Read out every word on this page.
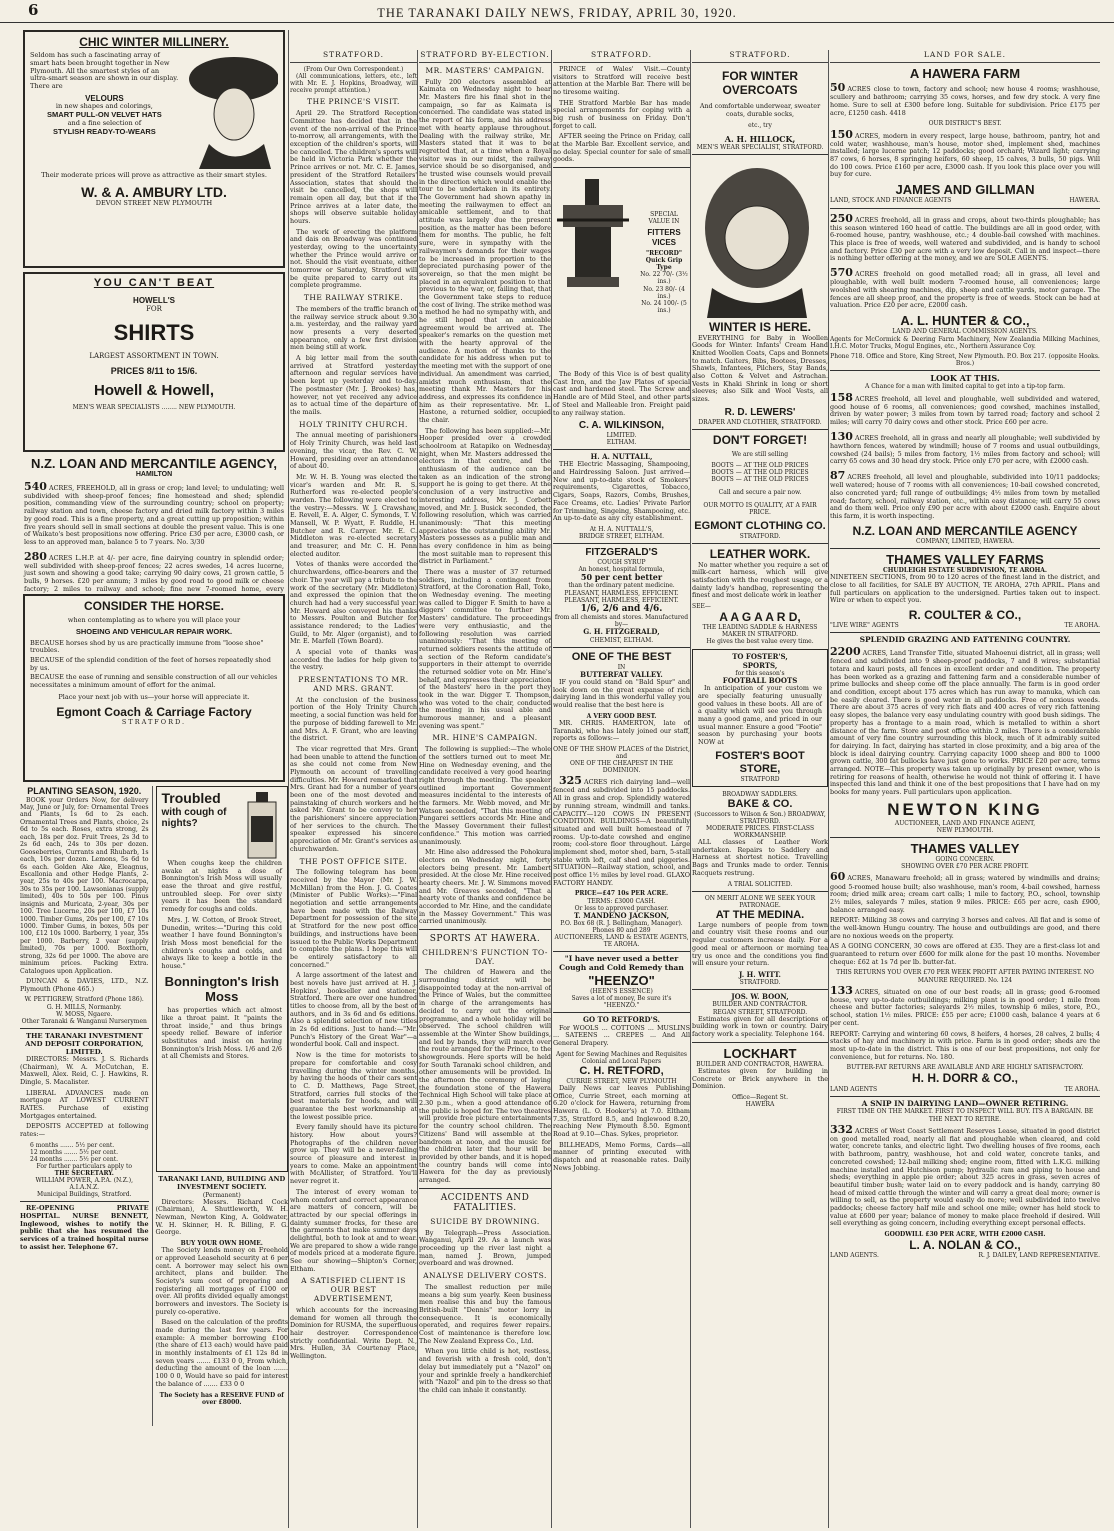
6	THE TARANAKI DAILY NEWS, FRIDAY, APRIL 30, 1920.
CHIC WINTER MILLINERY.
Seldom has such a fascinating array of smart hats been brought together in New Plymouth. All the smartest styles of an ultra-smart season are shown in our display. There are
VELOURS
in new shapes and colorings,
SMART PULL-ON VELVET HATS
and a fine selection of
STYLISH READY-TO-WEARS
Their moderate prices will prove as attractive as their smart styles.
W. & A. AMBURY LTD.
DEVON STREET NEW PLYMOUTH
YOU CAN'T BEAT
HOWELL'S
FOR
SHIRTS
LARGEST ASSORTMENT IN TOWN.
PRICES 8/11 to 15/6.
Howell & Howell,
MEN'S WEAR SPECIALISTS ........ NEW PLYMOUTH.
N.Z. LOAN AND MERCANTILE AGENCY,
HAMILTON

540 ACRES, FREEHOLD, all in grass or crop; land level; to undulating; well subdivided with sheep-proof fences; fine homestead and shed; splendid position, commanding view of the surrounding country; school on property; railway station and town, cheese factory and dried milk factory within 3 miles by good road. This is a fine property, and a great cutting up proposition; within five years should sell in small sections at double the present value. This is one of Waikato's best propositions now offering. Price £30 per acre, £3000 cash, or less to an approved man, balance 5 to 7 years. No. 3/30

280 ACRES L.H.P. at 4/- per acre, fine dairying country in splendid order; well subdivided with sheep-proof fences; 22 acres swedes, 14 acres lucerne, just sown and showing a good take; carrying 90 dairy cows, 21 grown cattle, 5 bulls, 9 horses. £20 per annum; 3 miles by good road to good milk or cheese factory; 2 miles to railway and school; fine new 7-roomed home, every

CONSIDER THE HORSE.
when contemplating as to where you will place your
SHOEING AND VEHICULAR REPAIR WORK.
BECAUSE horses shod by us are practically immune from "loose shoe" troubles.
BECAUSE of the splendid condition of the feet of horses repeatedly shod by us.
BECAUSE the ease of running and sensible construction of all our vehicles necessitates a minimum amount of effort for the animal.
Place your next job with us—your horse will appreciate it.
Egmont Coach & Carriage Factory
STRATFORD.
PLANTING SEASON, 1920.

BOOK your Orders Now, for delivery May, June or July, for: Ornamental Trees and Plants, 1s 6d to 2s each. Ornamental Trees and Plants, choice, 2s 6d to 5s each. Roses, extra strong, 2s each, 18s per doz. Fruit Trees, 2s 3d to 2s 6d each, 24s to 30s per dozen. Gooseberries, Currants and Rhubarb, 1s each, 10s per dozen. Lemons, 5s 6d to 6s each. Golden Ake Ake, Eleagnus, Escallonia and other Hedge Plants, 2-year, 25s to 40s per 100. Macrocarpa, 30s to 35s per 100. Lawsonianas (supply limited), 40s to 50s per 100. Pinus insignis and Muricata, 2-year, 30s per 100. Tree Lucerne, 20s per 100, £7 10s 1000. Timber Gums, 20s per 100, £7 10s 1000. Timber Gums, in boxes, 50s per 100, £12 10s 1000. Barberry, 1 year, 35s per 1000. Barberry, 2 year (supply limited), 70s per 1000. Boxthorn, strong, 32s 6d per 1000. The above are minimum prices. Packing Extra. Catalogues upon Application.

DUNCAN & DAVIES, LTD., N.Z. Plymouth (Phone 465.)

W. PETTIGREW, Stratford (Phone 186).
G. H. MILLS, Normanby.
W. MOSS, Ngaere.
Other Taranaki & Wanganui Nurserymen
THE TARANAKI INVESTMENT AND DEPOSIT CORPORATION, LIMITED.

DIRECTORS: Messrs. J. S. Richards (Chairman), W. A. McCutchan, E. Maxwell, Alex. Reid, C. J. Hawkins, R. Dingle, S. Macalister.

LIBERAL ADVANCES made on mortgage AT LOWEST CURRENT RATES. Purchase of existing Mortgages entertained.

DEPOSITS ACCEPTED at following rates:—

6 months ....... 5½ per cent.
12 months ....... 5½ per cent.
24 months ....... 5½ per cent.
For further particulars apply to
THE SECRETARY.
WILLIAM POWER, A.P.A. (N.Z.), A.I.A.N.Z.
Municipal Buildings, Stratford.

RE-OPENING PRIVATE HOSPITAL. NURSE BENNETT, Inglewood, wishes to notify the public that she has resumed the services of a trained hospital nurse to assist her. Telephone 67.

Troubled
with cough of nights?

When coughs keep the children awake at nights a dose of Bonnington's Irish Moss will usually ease the throat and give restful, untroubled sleep. For over sixty years it has been the standard remedy for coughs and colds.

Mrs. J. W. Cotton, of Brook Street, Dunedin, writes:—"During this cold weather I have found Bonnington's Irish Moss most beneficial for the children's coughs and colds, and always like to keep a bottle in the house."

Bonnington's Irish Moss

has properties which act almost like a throat paint. It "paints the throat inside," and thus brings speedy relief. Beware of inferior substitutes and insist on having Bonnington's Irish Moss. 1/6 and 2/6 at all Chemists and Stores.

TARANAKI LAND, BUILDING AND INVESTMENT SOCIETY.
(Permanent)

Directors: Messrs. Richard Cock (Chairman), A. Shuttleworth, W. H. Newman, Newton King, A. Goldwater, W. H. Skinner, H. R. Billing, F. G. George.

BUY YOUR OWN HOME.

The Society lends money on Freehold or approved Leasehold security at 6 per cent. A borrower may select his own architect, plans and builder. The Society's sum cost of preparing and registering all mortgages of £100 or over. All profits divided equally amongst borrowers and investors. The Society is purely co-operative.

Based on the calculation of the profits made during the last few years. For example: A member borrowing £100 (the share of £13 each) would have paid in monthly instalments of £1 12s 8d in seven years ....... £133 0 0, From which, deducting the amount of the loan ....... 100 0 0, Would have so paid for interest the balance of ....... £33 0 0

The Society has a RESERVE FUND of over £8000.
STRATFORD.
(From Our Own Correspondent.)

(All communications, letters, etc., left with Mr. E. J. Hopkins, Broadway, will receive prompt attention.)

THE PRINCE'S VISIT.

April 29. The Stratford Reception Committee has decided that in the event of the non-arrival of the Prince to-morrow, all arrangements, with the exception of the children's sports, will be cancelled. The children's sports will be held in Victoria Park whether the Prince arrives or not. Mr. C. E. James, president of the Stratford Retailers' Association, states that should the visit be cancelled, the shops will remain open all day, but that if the Prince arrives at a later date, the shops will observe suitable holiday hours.

The work of erecting the platform and dais on Broadway was continued yesterday, owing to the uncertainty whether the Prince would arrive or not. Should the visit eventuate, either tomorrow or Saturday, Stratford will be quite prepared to carry out its complete programme.

THE RAILWAY STRIKE.

The members of the traffic branch of the railway service struck about 9.30 a.m. yesterday, and the railway yard now presents a very deserted appearance, only a few first division men being still at work.

A big letter mail from the south arrived at Stratford yesterday afternoon and regular services have been kept up yesterday and to-day. The postmaster (Mr. J. Brookes) has, however, not yet received any advice as to actual time of the departure of the mails.

HOLY TRINITY CHURCH.

The annual meeting of parishioners of Holy Trinity Church, was held last evening, the vicar, the Rev. C. W. Howard, presiding over an attendance of about 40.

Mr. W. H. B. Young was elected the vicar's warden and Mr. R. S. Rutherford was re-elected people's warden. The following were elected to the vestry:—Messrs. W. J. Crawshaw, E. Revell, E. A. Alger, C. Symonds, T. V. Mansell, W. P. Wyatt, F. Ruddle, H. Butcher and R. Carryer. Mr. E. C. Middleton was re-elected secretary and treasurer, and Mr. C. H. Penn elected auditor.

Votes of thanks were accorded the churchwardens, office-bearers and the choir. The year will pay a tribute to the work of the secretary (Mr. Middleton) and expressed the opinion that the church had had a very successful year. Mr. Howard also conveyed his thanks to Messrs. Poulton and Butcher for assistance rendered; to the Ladies' Guild, to Mr. Alger (organist), and to Mr. E. Marfell (Town Board).

A special vote of thanks was accorded the ladies for help given to the vestry.

PRESENTATIONS TO MR. AND MRS. GRANT.

At the conclusion of the business portion of the Holy Trinity Church meeting, a social function was held for the purpose of bidding farewell to Mr. and Mrs. A. F. Grant, who are leaving the district.

The vicar regretted that Mrs. Grant had been unable to attend the function as she could not come from New Plymouth on account of travelling difficulties. Mr. Howard remarked that Mrs. Grant had for a number of years been one of the most devoted and painstaking of church workers and he asked Mr. Grant to be convey to her the parishioners' sincere appreciation of her services to the church. The speaker expressed his sincere appreciation of Mr. Grant's services as churchwarden.

THE POST OFFICE SITE.

The following telegram has been received by the Mayor (Mr. J. W. McMillan) from the Hon. J. G. Coates (Minister of Public Works):—"Final negotiation and settle arrangements have been made with the Railway Department for possession of the site at Stratford for the new post office buildings, and instructions have been issued to the Public Works Department to complete the plans. I hope this will be entirely satisfactory to all concerned."

A large assortment of the latest and best novels have just arrived at H. J. Hopkins', bookseller and stationer, Stratford. There are over one hundred titles to choose from, all by the best of authors, and in 3s 6d and 6s editions. Also a splendid selection of new titles in 2s 6d editions. Just to hand:—"Mr. Punch's History of the Great War"—a wonderful book. Call and inspect.

Now is the time for motorists to prepare for comfortable and cosy travelling during the winter months, by having the hoods of their cars sent to C. D. Matthews, Page Street, Stratford, carries full stocks of the best materials for hoods, and will guarantee the best workmanship at the lowest possible price.

Every family should have its picture history. How about yours? Photographs of the children never grow up. They will be a never-failing source of pleasure and interest in years to come. Make an appointment with McAllister, of Stratford. You'll never regret it.

The interest of every woman to whom comfort and correct appearance are matters of concern, will be attracted by our special offerings in dainty summer frocks, for these are the garments that make summer days delightful, both to look at and to wear. We are prepared to show a wide range of models priced at a moderate figure. See our showing—Shipton's Corner, Eltham.

A SATISFIED CLIENT IS OUR BEST ADVERTISEMENT,

which accounts for the increasing demand for women all through the Dominion for RUSMA, the superfluous hair destroyer. Correspondence strictly confidential. Write Dept. N., Mrs. Hullen, 3A Courtenay Place, Wellington.

STRATFORD BY-ELECTION.
MR. MASTERS' CAMPAIGN.

Fully 200 electors assembled at Kaimata on Wednesday night to hear Mr. Masters fire his final shot in the campaign, so far as Kaimata is concerned. The candidate was stated in the report of his form, and his address met with hearty applause throughout. Dealing with the railway strike, Mr. Masters stated that it was to be regretted that, at a time when a Royal visitor was in our midst, the railway service should be so disorganised, and he trusted wise counsels would prevail in the direction which would enable the tour to be undertaken in its entirety. The Government had shown apathy in meeting the railwaymen to effect an amicable settlement, and to that attitude was largely due the present position, as the matter has been before them for months. The public, he felt sure, were in sympathy with the railwaymen's demands for their wages to be increased in proportion to the depreciated purchasing power of the sovereign, so that the men might be placed in an equivalent position to that previous to the war, or, failing that, that the Government take steps to reduce the cost of living. The strike method was a method he had no sympathy with, and he still hoped that an amicable agreement would be arrived at. The speaker's remarks on the question met with the hearty approval of the audience. A motion of thanks to the candidate for his address when put to the meeting met with the support of one individual. An amendment was carried, amidst much enthusiasm, that the meeting thank Mr. Masters for his address, and expresses its confidence in him as their representative. Mr. L. Hastone, a returned soldier, occupied the chair.

The following has been supplied:—Mr. Hooper presided over a crowded schoolroom at Ratapiko on Wednesday night, when Mr. Masters addressed the electors in that centre, and the enthusiasm of the audience can be taken as an indication of the strong support he is going to get there. At the conclusion of a very instructive and interesting address, Mr. J. Corbett moved, and Mr. J. Busick seconded, the following resolution, which was carried unanimously: "That this meeting appreciates the outstanding ability Mr. Masters possesses as a public man and has every confidence in him as being the most suitable man to represent this district in Parliament."

There was a muster of 37 returned soldiers, including a contingent from Stratford, at the Coronation Hall, Toko, on Wednesday evening. The meeting was called to Digger F. Smith to have a diggers' committee to further Mr. Masters' candidature. The proceedings were very enthusiastic, and the following resolution was carried unanimously: "That this meeting of returned soldiers resents the attitude of a section of the Reform candidate's supporters in their attempt to override the returned soldier vote on Mr. Hine's behalf, and expresses their appreciation of the Masters' hero in the port they took in the war. Digger T. Thompson, who was voted to the chair, conducted the meeting in his usual able and humorous manner, and a pleasant evening was spent."

MR. HINE'S CAMPAIGN.

The following is supplied:—The whole of the settlers turned out to meet Mr. Hine on Wednesday evening, and the candidate received a very good hearing right through the meeting. The speaker outlined important Government measures incidental to the interests of the farmers. Mr. Webb moved, and Mr. Watson seconded, "That this meeting of Pungarei settlers accords Mr. Hine and the Massey Government their fullest confidence." This motion was carried unanimously.

Mr. Hine also addressed the Pohokura electors on Wednesday night, forty electors being present. Mr. Lambert presided. At the close Mr. Hine received hearty cheers. Mr. J. W. Simmons moved and Mr. Greaves seconded, "That a hearty vote of thanks and confidence be accorded to Mr. Hine, and the candidate in the Massey Government." This was carried unanimously.

SPORTS AT HAWERA.
CHILDREN'S FUNCTION TO-DAY.

The children of Hawera and the surrounding district will be disappointed today at the non-arrival of the Prince of Wales, but the committee in charge of the arrangements has decided to carry out the original programme, and a whole holiday will be observed. The school children will assemble at the Winter Show buildings, and led by bands, they will march over the route arranged for the Prince, to the showgrounds. Here sports will be held for South Taranaki school children, and other amusements will be provided. In the afternoon the ceremony of laying the foundation stone of the Hawera Technical High School will take place at 2.30 p.m., when a good attendance of the public is hoped for. The two theatres will provide free picture entertainments for the country school children. The Citizens' Band will assemble at the bandroom at noon, and the music for the children later that hour will be provided by other bands, and it is hoped the country bands will come into Hawera for the day as previously arranged.

ACCIDENTS AND FATALITIES.
SUICIDE BY DROWNING.

By Telegraph—Press Association. Wanganui, April 29. As a launch was proceeding up the river last night a man, named J. Brown, jumped overboard and was drowned.

ANALYSE DELIVERY COSTS.

The smallest reduction per mile means a big sum yearly. Keen business men realise this and buy the famous British-built "Dennis" motor lorry in consequence. It is economically operated, and requires fewer repairs. Cost of maintenance is therefore low. The New Zealand Express Co., Ltd.

When you little child is hot, restless, and feverish with a fresh cold, don't delay but immediately put a "Nazol" on your and sprinkle freely a handkerchief with "Nazol" and pin to the dress so that the child can inhale it constantly.

STRATFORD.

PRINCE of Wales' Visit.—County visitors to Stratford will receive best attention at the Marble Bar. There will be no tiresome waiting.

THE Stratford Marble Bar has made special arrangements for coping with a big rush of business on Friday. Don't forget to call.

AFTER seeing the Prince on Friday, call at the Marble Bar. Excellent service, and no delay. Special counter for sale of small goods.

SPECIAL VALUE IN
FITTERS VICES
"RECORD" Quick Grip Type
No. 22 70/- (3½ ins.)
No. 23 80/- (4 ins.)
No. 24 100/- (5 ins.)

The Body of this Vice is of best quality Cast Iron, and the Jaw Plates of special cast and hardened steel. The Screw and Handle are of Mild Steel, and other parts of Steel and Malleable Iron. Freight paid to any railway station.

C. A. WILKINSON,
LIMITED.
ELTHAM.
H. A. NUTTALL,

THE Electric Massaging, Shampooing, and Hairdressing Saloon. Just arrived—New and up-to-date stock of Smokers' requirements, Cigarettes, Tobacco, Cigars, Soaps, Razors, Combs, Brushes, Face Creams, etc. Ladies' Private Parlor for Trimming, Singeing, Shampooing, etc. An up-to-date as any city establishment.

At H. A. NUTTALL'S,
BRIDGE STREET, ELTHAM.
FITZGERALD'S
COUGH SYRUP
An honest, hospital formula,
50 per cent better
than the ordinary patent medicine.
PLEASANT, HARMLESS, EFFICIENT. PLEASANT, HARMLESS, EFFICIENT.
1/6, 2/6 and 4/6.
from all chemists and stores. Manufactured by—
G. H. FITZGERALD,
CHEMIST, ELTHAM.
ONE OF THE BEST
IN
BUTTERFAT VALLEY.

IF you could stand on "Bald Spur" and look down on the great expanse of rich dairying land in this wonderful valley you would realise that the best here is

A VERY GOOD BEST.

MR. CHRIS. HAMERTON, late of Taranaki, who has lately joined our staff, reports as follows:—

ONE OF THE SHOW PLACES of the District,
and
ONE OF THE CHEAPEST IN THE DOMINION.

325 ACRES rich dairying land—well fenced and subdivided into 15 paddocks. All in grass and crop. Splendidly watered by running stream, windmill and tanks. CAPACITY—120 COWS IN PRESENT CONDITION. BUILDINGS—A beautifully situated and well built homestead of 7 rooms. Up-to-date cowshed and engine room; cool-store floor throughout. Large implement shed, motor shed, barn, 5-stall stable with loft, calf shed and piggeries. SITUATION—Railway station, school, and post office 1½ miles by level road. GLAXO FACTORY HANDY.

PRICE—£47 10s PER ACRE.
TERMS: £3000 CASH.
Or less to approved purchaser.
T. MANDENO JACKSON,
P.O. Box 68 (R. J. Bellingham, Manager). Phones 80 and 289
AUCTIONEERS, LAND & ESTATE AGENTS,
TE AROHA.
"I have never used a better Cough and Cold Remedy than
"HEENZO"
(HEEN'S ESSENCE)
Saves a lot of money, Be sure it's "HEENZO."
GO TO RETFORD'S.

For WOOLS ... COTTONS ... MUSLINS ... SATEENS ... CREPES ... And All General Drapery.

Agent for Sewing Machines and Requisites
Colonial and Local Papers
C. H. RETFORD,
CURRIE STREET, NEW PLYMOUTH

Daily News car leaves Publishing Office, Currie Street, each morning at 6.20 o'clock for Hawera, returning from Hawera (L. O. Hooker's) at 7.0. Eltham 7.35, Stratford 8.5, and Inglewood 8.20, reaching New Plymouth 8.50. Egmont Road at 9.10—Chas. Sykes, proprietor.

BILLHEADS, Memo Forms, Cards—all manner of printing executed with dispatch and at reasonable rates. Daily News Jobbing.

STRATFORD.
FOR WINTER
OVERCOATS

And comfortable underwear, sweater coats, durable socks,

etc., try
A. H. HILLOCK,
MEN'S WEAR SPECIALIST, STRATFORD.
WINTER IS HERE.

EVERYTHING for Baby in Woollen Goods for Winter. Infants' Cream Hand Knitted Woollen Coats, Caps and Bonnets to match. Gaiters, Bibs, Bootees, Dresses, Shawls, Infantees, Pilchers, Stay Bands, also Cotton & Velvet and Astrachan. Vests in Khaki Shrink in long or short sleeves; also Silk and Wool Vests, all sizes.

R. D. LEWERS'
DRAPER AND CLOTHIER, STRATFORD.
DON'T FORGET!
We are still selling
BOOTS — AT THE OLD PRICES
BOOTS — AT THE OLD PRICES
BOOTS — AT THE OLD PRICES
Call and secure a pair now.
OUR MOTTO IS QUALITY, AT A FAIR PRICE.
EGMONT CLOTHING CO.
STRATFORD.
LEATHER WORK.

No matter whether you require a set of milk-cart harness, which will give satisfaction with the roughest usage, or a dainty lady's handbag, representing the finest and most delicate work in leather

SEE—
A A G A A R D,
THE LEADING SADDLE & HARNESS MAKER IN STRATFORD.
He gives the best value every time.
TO FOSTER'S,
SPORTS,
for this season's
FOOTBALL BOOTS

In anticipation of your custom we are specially featuring unusually good values in these boots. All are of a quality which will see you through many a good game, and priced in our usual manner. Ensure a good "Footie" season by purchasing your boots NOW at

FOSTER'S BOOT STORE,
STRATFORD
BROADWAY SADDLERS.
BAKE & CO.
(Successors to Wilson & Son.) BROADWAY, STRATFORD.
MODERATE PRICES. FIRST-CLASS WORKMANSHIP.

ALL classes of Leather Work undertaken. Repairs to Saddlery and Harness at shortest notice. Travelling Bags and Trunks made to order. Tennis Racquets restrung.

A TRIAL SOLICITED.
ON MERIT ALONE WE SEEK YOUR PATRONAGE.
AT THE MEDINA.

Large numbers of people from town and country visit these rooms and our regular customers increase daily. For a good meal or afternoon or morning tea try us once and the conditions you find will ensure your return.

J. H. WITT.
STRATFORD.
JOS. W. BOON,
BUILDER AND CONTRACTOR.
REGAN STREET, STRATFORD.

Estimates given for all descriptions of building work in town or country. Dairy factory work a speciality. Telephone 164.

LOCKHART
BUILDER AND CONTRACTOR, HAWERA.

Estimates given for building in Concrete or Brick anywhere in the Dominion.

Office—Regent St.
HAWERA
LAND FOR SALE.
A HAWERA FARM

50 ACRES close to town, factory and school; new house 4 rooms; washhouse, scullery and bathroom; carrying 35 cows, horses, and few dry stock. A very fine home. Sure to sell at £300 before long. Suitable for subdivision. Price £175 per acre, £1250 cash. 4418

OUR DISTRICT'S BEST.

150 ACRES, modern in every respect, large house, bathroom, pantry, hot and cold water, washhouse, man's house, motor shed, implement shed, machines installed; large lucerne patch; 12 paddocks; good orchard; Wizard light; carrying 87 cows, 6 horses, 8 springing heifers, 60 sheep, 15 calves, 3 bulls, 50 pigs. Will do 100 cows. Price £160 per acre, £3000 cash. If you look this place over you will buy for cure.

JAMES AND GILLMAN
LAND, STOCK AND FINANCE AGENTS	HAWERA.

250 ACRES freehold, all in grass and crops, about two-thirds ploughable; has this season wintered 160 head of cattle. The buildings are all in good order, with 6-roomed house, pantry, washhouse, etc.; 4 double-bail cowshed with machines. This place is free of weeds, well watered and subdivided, and is handy to school and factory. Price £30 per acre with a very low deposit. Call in and inspect—there is nothing better offering at the money, and we are SOLE AGENTS.

570 ACRES freehold on good metalled road; all in grass, all level and ploughable, with well built modern 7-roomed house, all conveniences; large woolshed with shearing machines, dip, sheep and cattle yards, motor garage. The fences are all sheep proof, and the property is free of weeds. Stock can be had at valuation. Price £20 per acre, £2000 cash.

A. L. HUNTER & CO.,
LAND AND GENERAL COMMISSION AGENTS.

Agents for McCormick & Deering Farm Machinery, New Zealandia Milking Machines, I.H.C. Motor Trucks, Mogul Engines, etc., Northern Assurance Coy.

Phone 718. Office and Store, King Street, New Plymouth. P.O. Box 217. (opposite Hooks. Bros.)
LOOK AT THIS.
A Chance for a man with limited capital to get into a tip-top farm.

158 ACRES freehold, all level and ploughable, well subdivided and watered, good house of 6 rooms, all conveniences; good cowshed, machines installed, driven by water power; 3 miles from town by tarred road; factory and school 2 miles; will carry 70 dairy cows and other stock. Price £60 per acre.

130 ACRES freehold, all in grass and nearly all ploughable; well subdivided by hawthorn fences, watered by windmill; house of 7 rooms and usual outbuildings, cowshed (24 bails); 5 miles from factory, 1½ miles from factory and school; will carry 65 cows and 30 head dry stock. Price only £70 per acre, with £2000 cash.

87 ACRES freehold, all level and ploughable, subdivided into 10/11 paddocks; well watered; house of 7 rooms with all conveniences; 10-bail cowshed concreted, also concreted yard; full range of outbuildings; 4½ miles from town by metalled road; factory, school, railway station, etc., within easy distance; will carry 55 cows and do them well. Price only £90 per acre with about £2000 cash. Enquire about this farm, it is worth inspecting.

N.Z. LOAN AND MERCANTILE AGENCY
COMPANY, LIMITED, HAWERA.
THAMES VALLEY FARMS
CHUDLEIGH ESTATE SUBDIVISION, TE AROHA.

NINETEEN SECTIONS, from 90 to 120 acres of the finest land in the district, and close to all facilities, for SALE BY AUCTION, TE AROHA, 27th APRIL. Plans and full particulars on application to the undersigned. Parties taken out to inspect. Wire or when to expect you.

R. COULTER & CO.,
"LIVE WIRE" AGENTS	TE AROHA.
SPLENDID GRAZING AND FATTENING COUNTRY.

2200 ACRES, Land Transfer Title, situated Mahoenui district, all in grass; well fenced and subdivided into 9 sheep-proof paddocks, 7 and 8 wires; substantial totara and kauri posts, all fences in excellent order and condition. The property has been worked as a grazing and fattening farm and a considerable number of prime bullocks and sheep come off the place annually. The farm is in good order and condition, except about 175 acres which has run away to manuka, which can be easily cleared. There is good water in all paddocks. Free of noxious weeds. There are about 375 acres of very rich flats and 400 acres of very rich fattening easy slopes, the balance very easy undulating country with good bush sidings. The property has a frontage to a main road, which is metalled to within a short distance of the farm. Store and post office within 2 miles. There is a considerable amount of very fine country surrounding this block, much of it admirably suited for dairying. In fact, dairying has started in close proximity, and a big area of the block is ideal dairying country. Carrying capacity 1000 sheep and 800 to 1000 grown cattle, 300 fat bullocks have just gone to works. PRICE £20 per acre, terms arranged. NOTE—This property was taken up originally by present owner, who is retiring for reasons of health, otherwise he would not think of offering it. I have inspected this land and think it one of the best propositions that I have had on my books for many years. Full particulars upon application.

NEWTON KING
AUCTIONEER, LAND AND FINANCE AGENT,
NEW PLYMOUTH.
THAMES VALLEY
GOING CONCERN.
SHOWING OVER £70 PER ACRE PROFIT.

60 ACRES, Manawaru freehold; all in grass; watered by windmills and drains; good 5-roomed house built; also washhouse, man's room, 4-bail cowshed, harness room; dried milk area; cream cart calls; 1 mile to factory, P.O., school, township 2½ miles, saleyards 7 miles, station 9 miles. PRICE: £65 per acre, cash £900, balance arranged easy.

REPORT: Milking 38 cows and carrying 3 horses and calves. All flat and is some of the well-known Hungu country. The house and outbuildings are good, and there are no noxious weeds on the property.

AS A GOING CONCERN, 30 cows are offered at £35. They are a first-class lot and guaranteed to return over £600 for milk alone for the past 10 months. November cheque: £62 at 1s 7d per lb. butter-fat.

THIS RETURNS YOU OVER £70 PER WEEK PROFIT AFTER PAYING INTEREST. NO MANURE REQUIRED. No. 124

133 ACRES, situated on one of our best roads; all in grass; good 6-roomed house, very up-to-date outbuildings; milking plant is in good order; 1 mile from cheese and butter factories; saleyards 2½ miles, township 6 miles, store, P.O., school, station 1½ miles. PRICE: £55 per acre; £1000 cash, balance 4 years at 6 per cent.

REPORT: Carrying and wintering 60 cows, 8 heifers, 4 horses, 28 calves, 2 bulls; 4 stacks of hay and machinery in with price. Farm is in good order; sheds are the most up-to-date in the district. This is one of our best propositions, not only for convenience, but for returns. No. 180.

BUTTER-FAT RETURNS ARE AVAILABLE AND ARE HIGHLY SATISFACTORY.
H. H. DORR & CO.,
LAND AGENTS	TE AROHA.
A SNIP IN DAIRYING LAND—OWNER RETIRING.
FIRST TIME ON THE MARKET. FIRST TO INSPECT WILL BUY. ITS A BARGAIN. BE THE NEXT TO RETIRE.

332 ACRES of West Coast Settlement Reserves Lease, situated in good district on good metalled road, nearly all flat and ploughable when cleared, and cold water, concrete tanks, and electric light. Two dwelling houses of five rooms, each with bathroom, pantry, washhouse, hot and cold water, concrete tanks, and concreted cowshed; 12-bail milking shed; engine room, fitted with L.K.G. milking machine installed and Hutchison pump; hydraulic ram and piping to house and sheds; everything in apple pie order; about 325 acres in grass, seven acres of beautiful timber bush; water laid on to every paddock and is handy, carrying 80 head of mixed cattle through the winter and will carry a great deal more; owner is willing to sell, as the property would easily do more; well subdivided into twelve paddocks; cheese factory half mile and school one mile; owner has held stock to value at £600 per year; balance of money to make place freehold if desired. Will sell everything as going concern, including everything except personal effects.

GOODWILL £30 PER ACRE, WITH £2000 CASH.
L. A. NOLAN & CO.,
LAND AGENTS.	R. J. DAILEY, LAND REPRESENTATIVE.
